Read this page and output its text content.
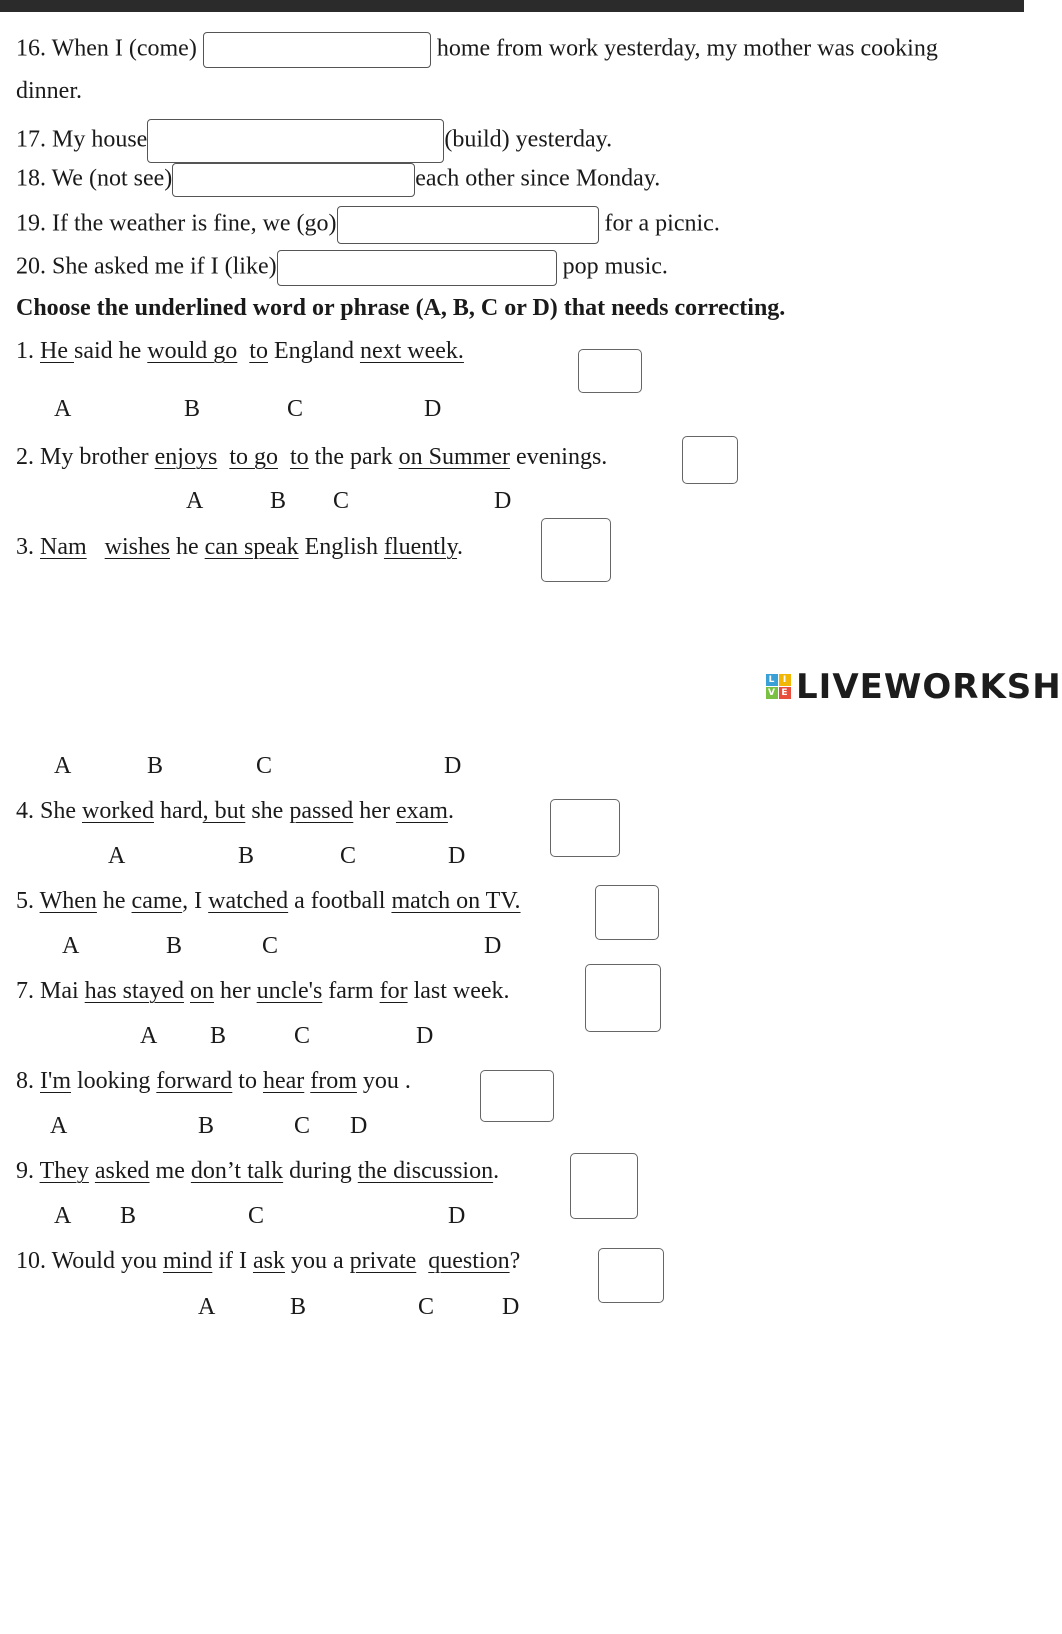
16. When I (come)	home from work yesterday, my mother was cooking
dinner.
17. My house	(build) yesterday.
18. We (not see)	each other since Monday.
19. If the weather is fine, we (go)	for a picnic.
20. She asked me if I (like)	pop music.
Choose the underlined word or phrase (A, B, C or D) that needs correcting.
1. He said he would go to England next week.
A	B	C	D
2. My brother enjoys to go to the park on Summer evenings.
A	B C	D
3. Nam wishes he can speak English fluently.
L I
V E LIVEWORKSH
A	B	C	D
4. She worked hard, but she passed her exam.
A	B	C	D
5. When he came, I watched a football match on TV.
A	B	C	D
7. Mai has stayed on her uncle's farm for last week.
A B	C	D
8. I'm looking forward to hear from you .
A	B	C D
9. They asked me don’t talk during the discussion.
A B	C	D
10. Would you mind if I ask you a private question?
A	B	C	D
